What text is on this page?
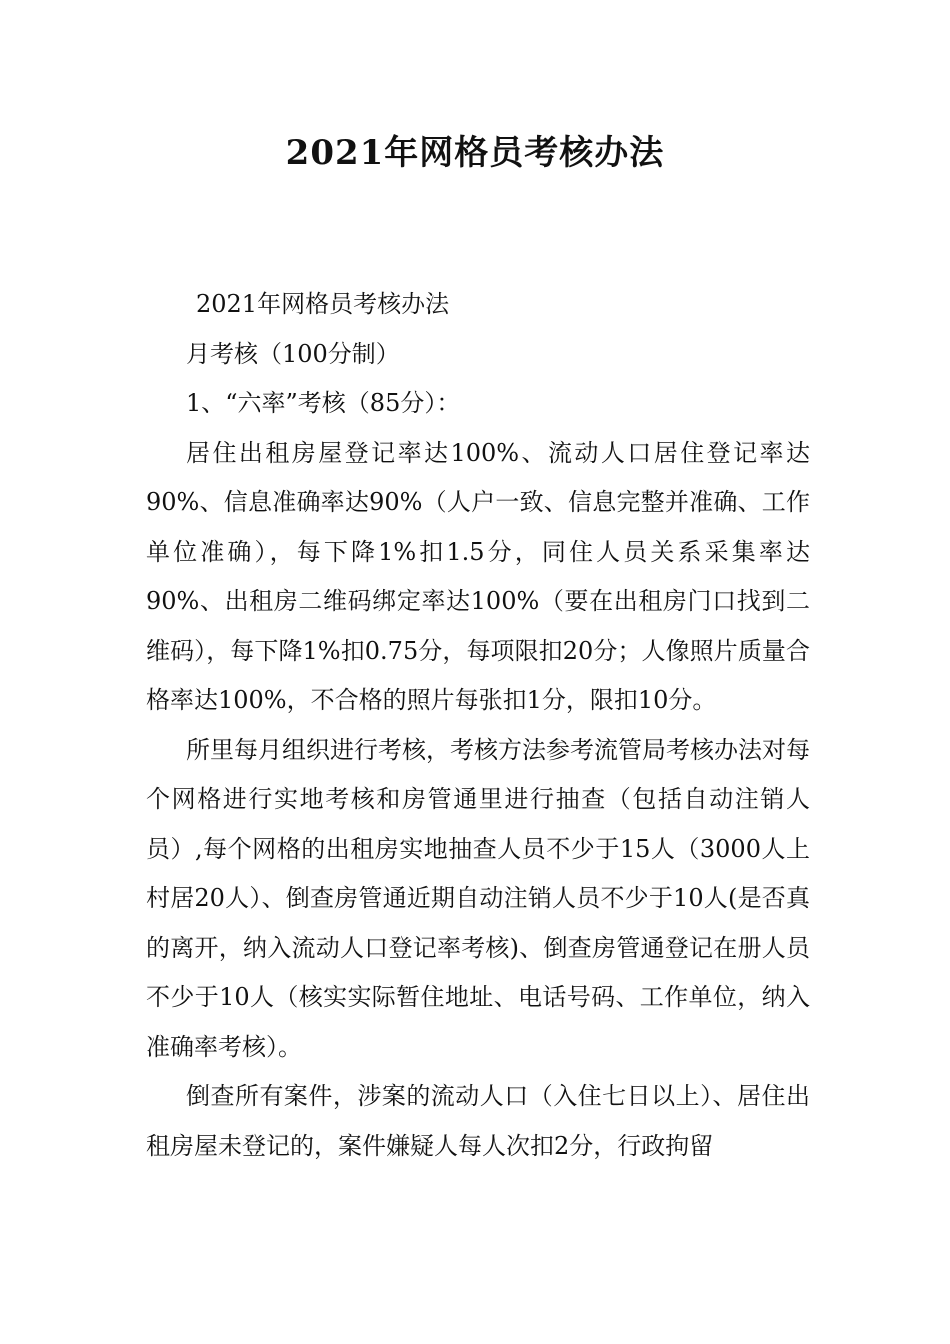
2021年网格员考核办法

2021年网格员考核办法

月考核（100分制）

1、“六率”考核（85分）：

居住出租房屋登记率达100%、流动人口居住登记率达90%、信息准确率达90%（人户一致、信息完整并准确、工作单位准确），每下降1%扣1.5分，同住人员关系采集率达90%、出租房二维码绑定率达100%（要在出租房门口找到二维码），每下降1%扣0.75分，每项限扣20分；人像照片质量合格率达100%，不合格的照片每张扣1分，限扣10分。

所里每月组织进行考核，考核方法参考流管局考核办法对每个网格进行实地考核和房管通里进行抽查（包括自动注销人员）,每个网格的出租房实地抽查人员不少于15人（3000人上村居20人）、倒查房管通近期自动注销人员不少于10人(是否真的离开，纳入流动人口登记率考核)、倒查房管通登记在册人员不少于10人（核实实际暂住地址、电话号码、工作单位，纳入准确率考核）。

倒查所有案件，涉案的流动人口（入住七日以上）、居住出租房屋未登记的，案件嫌疑人每人次扣2分，行政拘留
